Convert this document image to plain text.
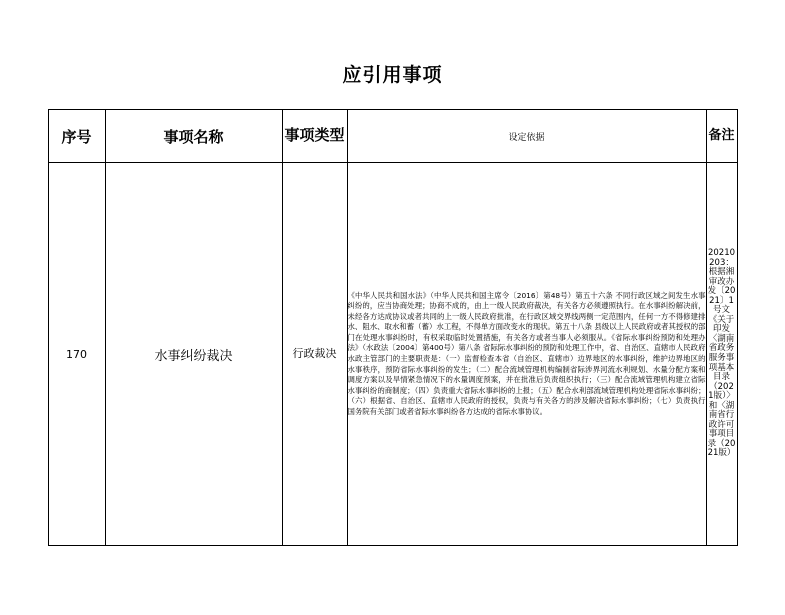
应引用事项
序号	事项名称	事项类型	设定依据	备注
170	水事纠纷裁决	行政裁决	《中华人民共和国水法》（中华人民共和国主席令〔2016〕第48号）第五十六条 不同行政区域之间发生水事纠纷的，应当协商处理；协商不成的，由上一级人民政府裁决，有关各方必须遵照执行。在水事纠纷解决前，未经各方达成协议或者共同的上一级人民政府批准，在行政区域交界线两侧一定范围内，任何一方不得修建排水、阻水、取水和蓄（蓄）水工程，不得单方面改变水的现状。第五十八条 县级以上人民政府或者其授权的部门在处理水事纠纷时，有权采取临时处置措施，有关各方或者当事人必须服从。《省际水事纠纷预防和处理办法》（水政法〔2004〕第400号）第八条 省际际水事纠纷的预防和处理工作中，省、自治区、直辖市人民政府水政主管部门的主要职责是：（一）监督检查本省（自治区、直辖市）边界地区的水事纠纷，维护边界地区的水事秩序，预防省际水事纠纷的发生；（二）配合流域管理机构编制省际涉界河流水利规划、水量分配方案和调度方案以及旱情紧急情况下的水量调度预案，并在批准后负责组织执行；（三）配合流域管理机构建立省际水事纠纷的商制度；（四）负责重大省际水事纠纷的上报；（五）配合水利部流域管理机构处理省际水事纠纷；（六）根据省、自治区、直辖市人民政府的授权，负责与有关各方的涉及解决省际水事纠纷；（七）负责执行国务院有关部门或者省际水事纠纷各方达成的省际水事协议。	20210203：根据湘审改办发〔2021〕1号文《关于印发〈湖南省政务服务事项基本目录（2021版）〉和〈湖南省行政许可事项目录（2021版）
